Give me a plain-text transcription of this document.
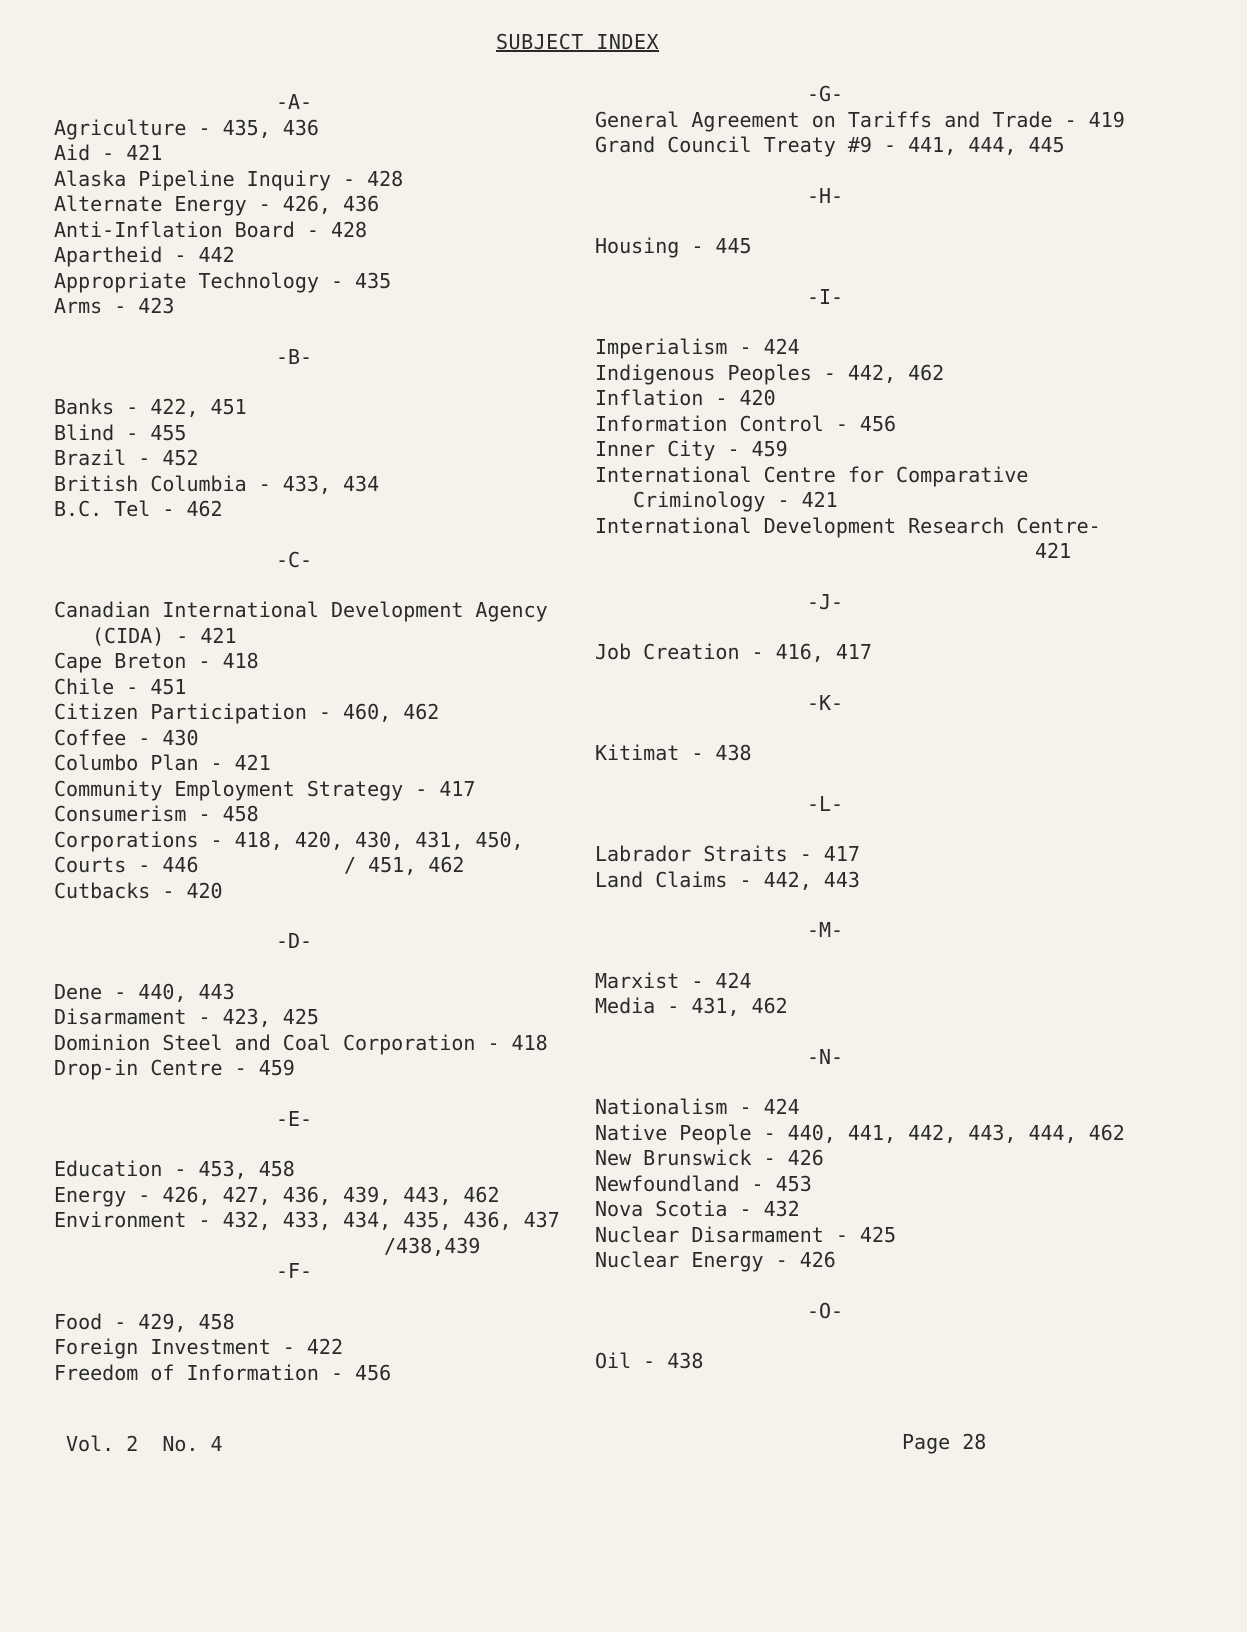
SUBJECT INDEX
-A-
Agriculture - 435, 436
Aid - 421
Alaska Pipeline Inquiry - 428
Alternate Energy - 426, 436
Anti-Inflation Board - 428
Apartheid - 442
Appropriate Technology - 435
Arms - 423
-B-
Banks - 422, 451
Blind - 455
Brazil - 452
British Columbia - 433, 434
B.C. Tel - 462
-C-
Canadian International Development Agency
(CIDA) - 421
Cape Breton - 418
Chile - 451
Citizen Participation - 460, 462
Coffee - 430
Columbo Plan - 421
Community Employment Strategy - 417
Consumerism - 458
Corporations - 418, 420, 430, 431, 450,
Courts - 446	/ 451, 462
Cutbacks - 420
-D-
Dene - 440, 443
Disarmament - 423, 425
Dominion Steel and Coal Corporation - 418
Drop-in Centre - 459
-E-
Education - 453, 458
Energy - 426, 427, 436, 439, 443, 462
Environment - 432, 433, 434, 435, 436, 437
/438,439
-F-
Food - 429, 458
Foreign Investment - 422
Freedom of Information - 456
-G-
General Agreement on Tariffs and Trade - 419
Grand Council Treaty #9 - 441, 444, 445
-H-
Housing - 445
-I-
Imperialism - 424
Indigenous Peoples - 442, 462
Inflation - 420
Information Control - 456
Inner City - 459
International Centre for Comparative
Criminology - 421
International Development Research Centre-
421
-J-
Job Creation - 416, 417
-K-
Kitimat - 438
-L-
Labrador Straits - 417
Land Claims - 442, 443
-M-
Marxist - 424
Media - 431, 462
-N-
Nationalism - 424
Native People - 440, 441, 442, 443, 444, 462
New Brunswick - 426
Newfoundland - 453
Nova Scotia - 432
Nuclear Disarmament - 425
Nuclear Energy - 426
-O-
Oil - 438
Vol. 2  No. 4	Page 28
